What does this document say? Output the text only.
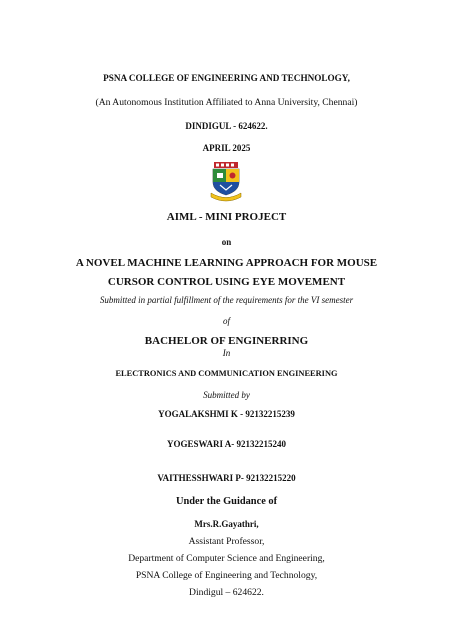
PSNA COLLEGE OF ENGINEERING AND TECHNOLOGY,
(An Autonomous Institution Affiliated to Anna University, Chennai)
DINDIGUL - 624622.
APRIL 2025
AIML - MINI PROJECT
on
A NOVEL MACHINE LEARNING APPROACH FOR MOUSE
CURSOR CONTROL USING EYE MOVEMENT
Submitted in partial fulfillment of the requirements for the VI semester
of
BACHELOR OF ENGINERRING
In
ELECTRONICS AND COMMUNICATION ENGINEERING
Submitted by
YOGALAKSHMI K - 92132215239
YOGESWARI A- 92132215240
VAITHESSHWARI P- 92132215220
Under the Guidance of
Mrs.R.Gayathri,
Assistant Professor,
Department of Computer Science and Engineering,
PSNA College of Engineering and Technology,
Dindigul – 624622.
